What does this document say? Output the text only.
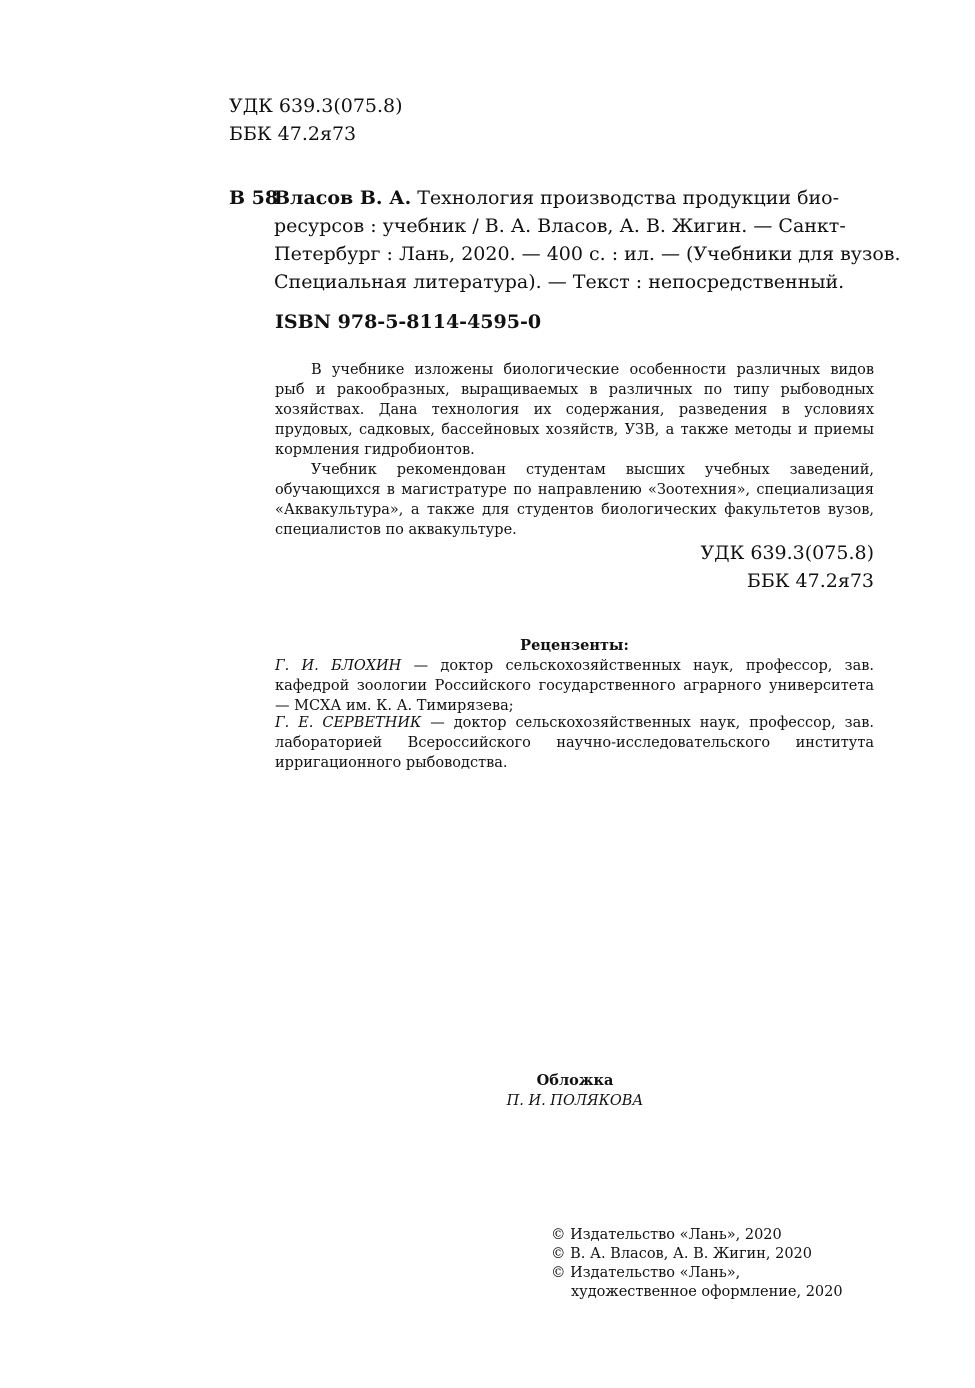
УДК 639.3(075.8)
ББК 47.2я73
В 58
Власов В. А. Технология производства продукции био-
ресурсов : учебник / В. А. Власов, А. В. Жигин. — Санкт-
Петербург : Лань, 2020. — 400 с. : ил. — (Учебники для вузов.
Специальная литература). — Текст : непосредственный.
ISBN 978-5-8114-4595-0

В учебнике изложены биологические особенности различных видов рыб и ракообразных, выращиваемых в различных по типу рыбоводных хозяйствах. Дана технология их содержания, разведения в условиях прудовых, садковых, бассейновых хозяйств, УЗВ, а также методы и приемы кормления гидробионтов.

Учебник рекомендован студентам высших учебных заведений, обучающихся в магистратуре по направлению «Зоотехния», специализация «Аквакультура», а также для студентов биологических факультетов вузов, специалистов по аквакультуре.

УДК 639.3(075.8)
ББК 47.2я73
Рецензенты:
Г. И. БЛОХИН — доктор сельскохозяйственных наук, профессор, зав. кафедрой зоологии Российского государственного аграрного университета — МСХА им. К. А. Тимирязева;
Г. Е. СЕРВЕТНИК — доктор сельскохозяйственных наук, профессор, зав. лабораторией Всероссийского научно-исследовательского института ирригационного рыбоводства.
Обложка
П. И. ПОЛЯКОВА
© Издательство «Лань», 2020
© В. А. Власов, А. В. Жигин, 2020
© Издательство «Лань»,
художественное оформление, 2020
